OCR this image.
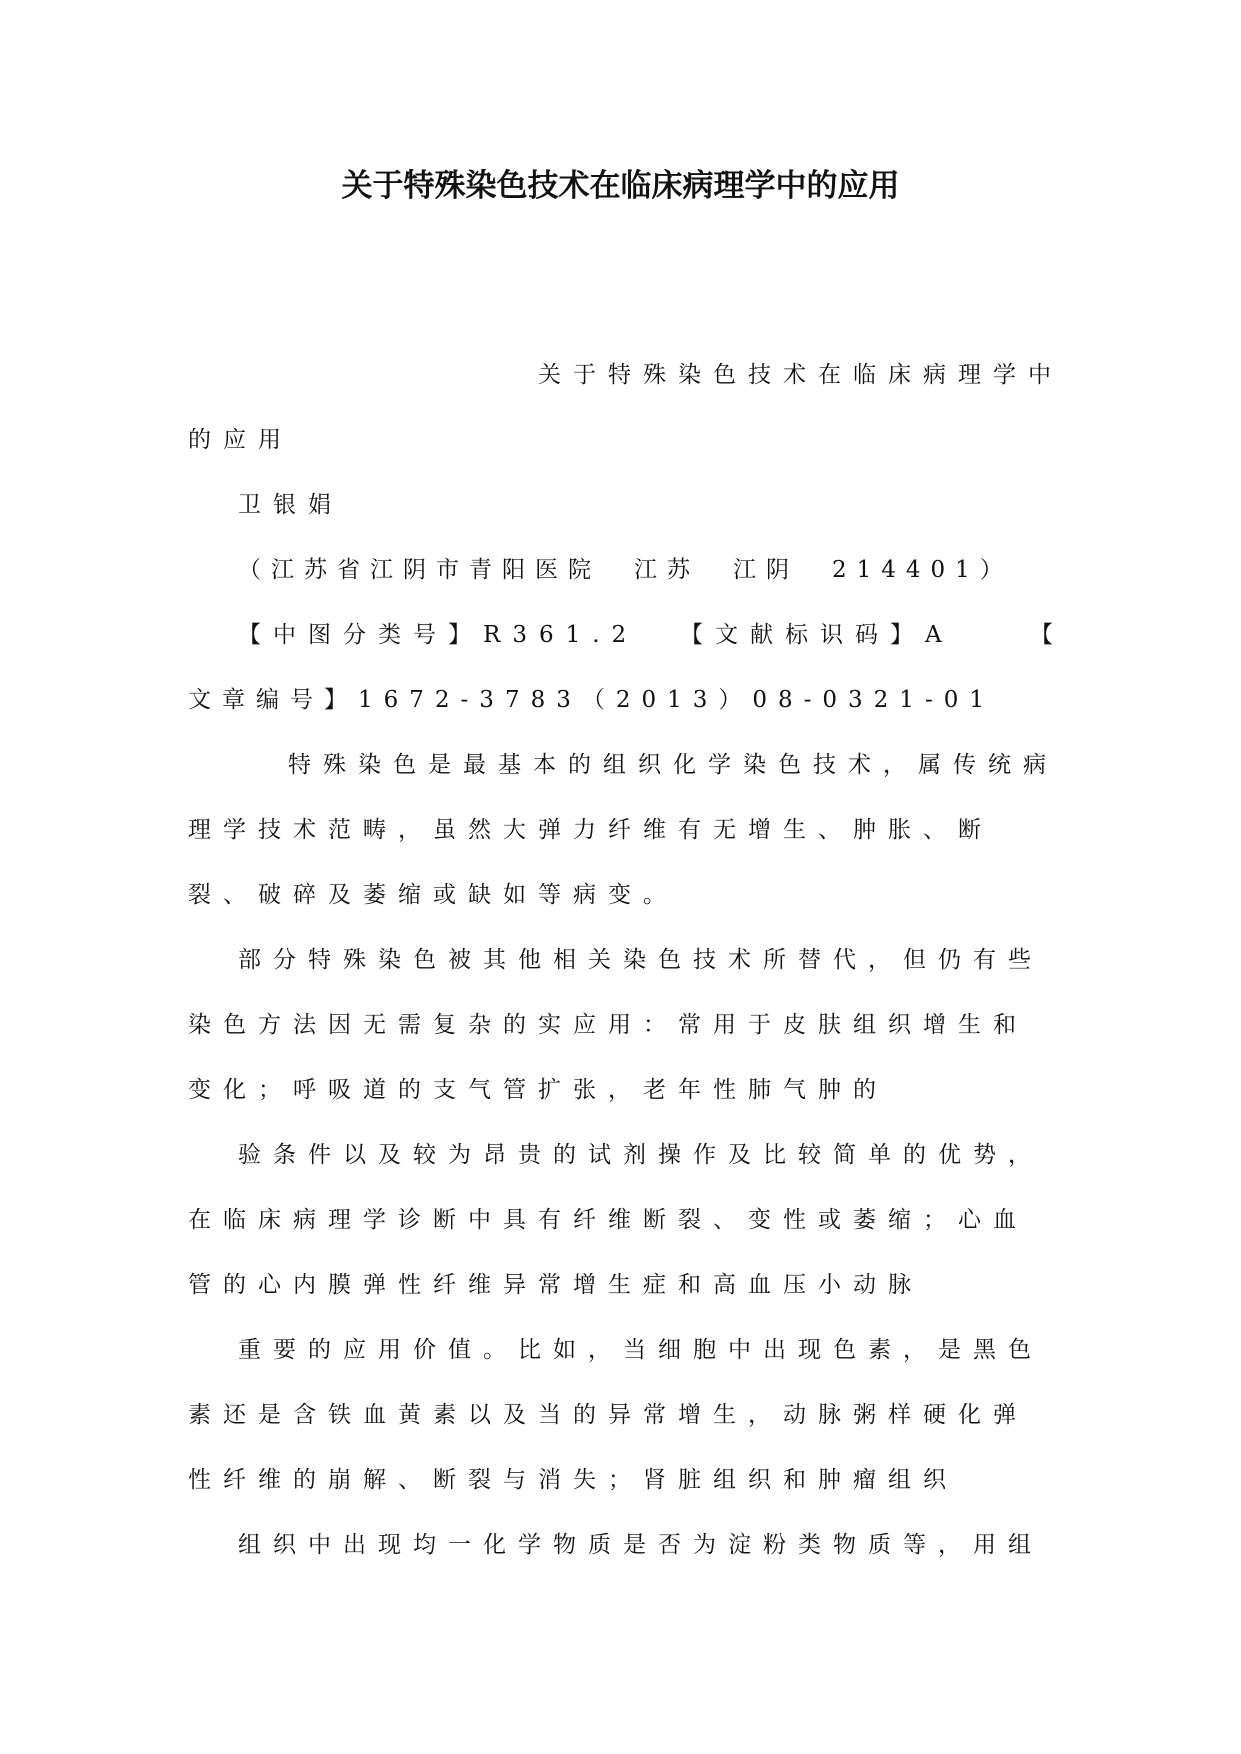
关于特殊染色技术在临床病理学中的应用
关于特殊染色技术在临床病理学中
的应用
卫银娟
（江苏省江阴市青阳医院　江苏　江阴　214401）
【中图分类号】R361.2 【文献标识码】A	【
文章编号】1672-3783（2013）08-0321-01
特殊染色是最基本的组织化学染色技术，属传统病
理学技术范畴，虽然大弹力纤维有无增生、肿胀、断
裂、破碎及萎缩或缺如等病变。
部分特殊染色被其他相关染色技术所替代，但仍有些
染色方法因无需复杂的实应用：常用于皮肤组织增生和
变化；呼吸道的支气管扩张，老年性肺气肿的
验条件以及较为昂贵的试剂操作及比较简单的优势，
在临床病理学诊断中具有纤维断裂、变性或萎缩；心血
管的心内膜弹性纤维异常增生症和高血压小动脉
重要的应用价值。比如，当细胞中出现色素，是黑色
素还是含铁血黄素以及当的异常增生，动脉粥样硬化弹
性纤维的崩解、断裂与消失；肾脏组织和肿瘤组织
组织中出现均一化学物质是否为淀粉类物质等，用组
